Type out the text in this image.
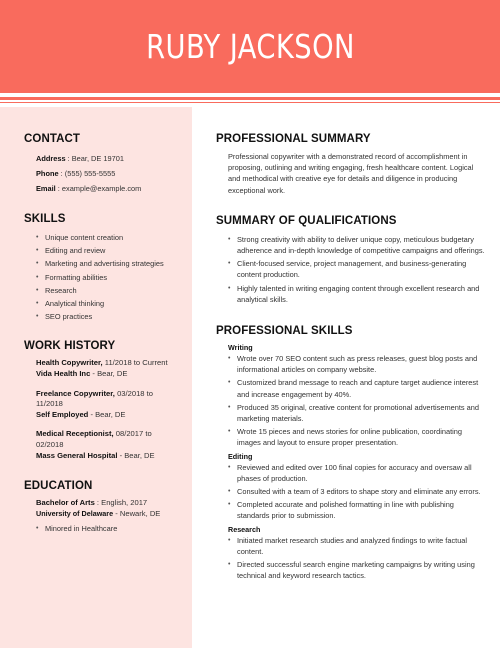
RUBY JACKSON
CONTACT
Address : Bear, DE 19701
Phone : (555) 555-5555
Email : example@example.com
SKILLS
• Unique content creation
• Editing and review
• Marketing and advertising strategies
• Formatting abilities
• Research
• Analytical thinking
• SEO practices
WORK HISTORY
Health Copywriter, 11/2018 to Current
Vida Health Inc - Bear, DE
Freelance Copywriter, 03/2018 to 11/2018
Self Employed - Bear, DE
Medical Receptionist, 08/2017 to 02/2018
Mass General Hospital - Bear, DE
EDUCATION
Bachelor of Arts : English, 2017
University of Delaware - Newark, DE
• Minored in Healthcare
PROFESSIONAL SUMMARY

Professional copywriter with a demonstrated record of accomplishment in proposing, outlining and writing engaging, fresh healthcare content. Logical and methodical with creative eye for details and diligence in producing exceptional work.

SUMMARY OF QUALIFICATIONS
• Strong creativity with ability to deliver unique copy, meticulous budgetary adherence and in-depth knowledge of competitive campaigns and offerings.
• Client-focused service, project management, and business-generating content production.
• Highly talented in writing engaging content through excellent research and analytical skills.
PROFESSIONAL SKILLS
Writing
• Wrote over 70 SEO content such as press releases, guest blog posts and informational articles on company website.
• Customized brand message to reach and capture target audience interest and increase engagement by 40%.
• Produced 35 original, creative content for promotional advertisements and marketing materials.
• Wrote 15 pieces and news stories for online publication, coordinating images and layout to ensure proper presentation.
Editing
• Reviewed and edited over 100 final copies for accuracy and oversaw all phases of production.
• Consulted with a team of 3 editors to shape story and eliminate any errors.
• Completed accurate and polished formatting in line with publishing standards prior to submission.
Research
• Initiated market research studies and analyzed findings to write factual content.
• Directed successful search engine marketing campaigns by writing using technical and keyword research tactics.
